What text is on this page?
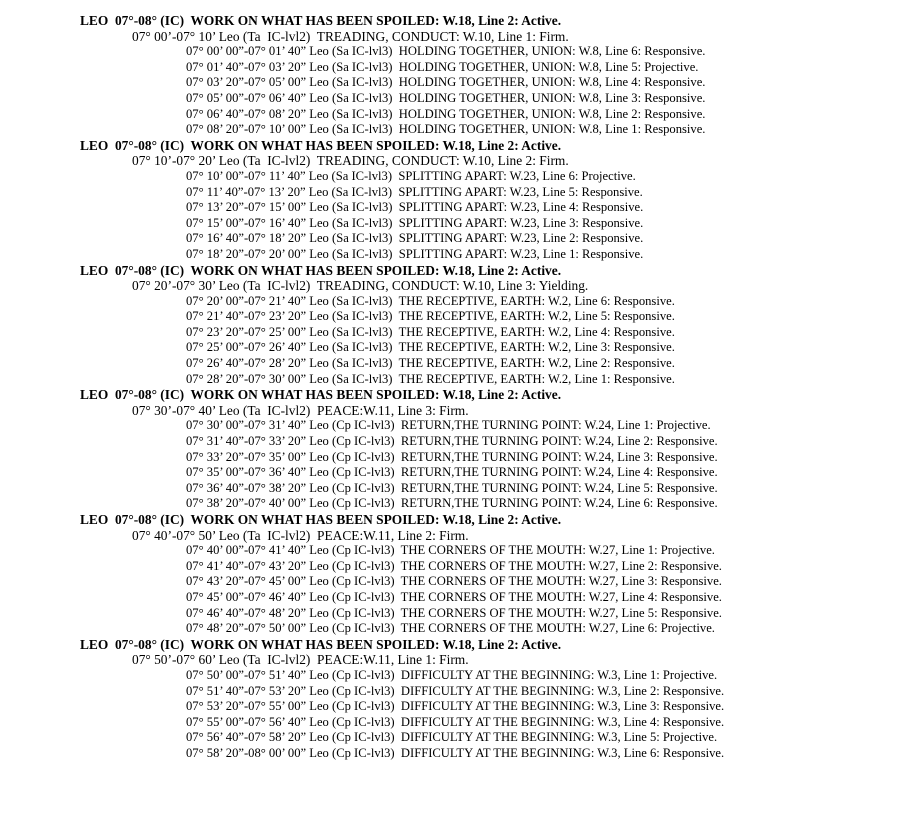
LEO  07°-08° (IC)  WORK ON WHAT HAS BEEN SPOILED: W.18, Line 2: Active.
07° 00’-07° 10’ Leo (Ta  IC-lvl2)  TREADING, CONDUCT: W.10, Line 1: Firm.
07° 00’ 00”-07° 01’ 40” Leo (Sa IC-lvl3)  HOLDING TOGETHER, UNION: W.8, Line 6: Responsive.
07° 01’ 40”-07° 03’ 20” Leo (Sa IC-lvl3)  HOLDING TOGETHER, UNION: W.8, Line 5: Projective.
07° 03’ 20”-07° 05’ 00” Leo (Sa IC-lvl3)  HOLDING TOGETHER, UNION: W.8, Line 4: Responsive.
07° 05’ 00”-07° 06’ 40” Leo (Sa IC-lvl3)  HOLDING TOGETHER, UNION: W.8, Line 3: Responsive.
07° 06’ 40”-07° 08’ 20” Leo (Sa IC-lvl3)  HOLDING TOGETHER, UNION: W.8, Line 2: Responsive.
07° 08’ 20”-07° 10’ 00” Leo (Sa IC-lvl3)  HOLDING TOGETHER, UNION: W.8, Line 1: Responsive.
LEO  07°-08° (IC)  WORK ON WHAT HAS BEEN SPOILED: W.18, Line 2: Active.
07° 10’-07° 20’ Leo (Ta  IC-lvl2)  TREADING, CONDUCT: W.10, Line 2: Firm.
07° 10’ 00”-07° 11’ 40” Leo (Sa IC-lvl3)  SPLITTING APART: W.23, Line 6: Projective.
07° 11’ 40”-07° 13’ 20” Leo (Sa IC-lvl3)  SPLITTING APART: W.23, Line 5: Responsive.
07° 13’ 20”-07° 15’ 00” Leo (Sa IC-lvl3)  SPLITTING APART: W.23, Line 4: Responsive.
07° 15’ 00”-07° 16’ 40” Leo (Sa IC-lvl3)  SPLITTING APART: W.23, Line 3: Responsive.
07° 16’ 40”-07° 18’ 20” Leo (Sa IC-lvl3)  SPLITTING APART: W.23, Line 2: Responsive.
07° 18’ 20”-07° 20’ 00” Leo (Sa IC-lvl3)  SPLITTING APART: W.23, Line 1: Responsive.
LEO  07°-08° (IC)  WORK ON WHAT HAS BEEN SPOILED: W.18, Line 2: Active.
07° 20’-07° 30’ Leo (Ta  IC-lvl2)  TREADING, CONDUCT: W.10, Line 3: Yielding.
07° 20’ 00”-07° 21’ 40” Leo (Sa IC-lvl3)  THE RECEPTIVE, EARTH: W.2, Line 6: Responsive.
07° 21’ 40”-07° 23’ 20” Leo (Sa IC-lvl3)  THE RECEPTIVE, EARTH: W.2, Line 5: Responsive.
07° 23’ 20”-07° 25’ 00” Leo (Sa IC-lvl3)  THE RECEPTIVE, EARTH: W.2, Line 4: Responsive.
07° 25’ 00”-07° 26’ 40” Leo (Sa IC-lvl3)  THE RECEPTIVE, EARTH: W.2, Line 3: Responsive.
07° 26’ 40”-07° 28’ 20” Leo (Sa IC-lvl3)  THE RECEPTIVE, EARTH: W.2, Line 2: Responsive.
07° 28’ 20”-07° 30’ 00” Leo (Sa IC-lvl3)  THE RECEPTIVE, EARTH: W.2, Line 1: Responsive.
LEO  07°-08° (IC)  WORK ON WHAT HAS BEEN SPOILED: W.18, Line 2: Active.
07° 30’-07° 40’ Leo (Ta  IC-lvl2)  PEACE:W.11, Line 3: Firm.
07° 30’ 00”-07° 31’ 40” Leo (Cp IC-lvl3)  RETURN,THE TURNING POINT: W.24, Line 1: Projective.
07° 31’ 40”-07° 33’ 20” Leo (Cp IC-lvl3)  RETURN,THE TURNING POINT: W.24, Line 2: Responsive.
07° 33’ 20”-07° 35’ 00” Leo (Cp IC-lvl3)  RETURN,THE TURNING POINT: W.24, Line 3: Responsive.
07° 35’ 00”-07° 36’ 40” Leo (Cp IC-lvl3)  RETURN,THE TURNING POINT: W.24, Line 4: Responsive.
07° 36’ 40”-07° 38’ 20” Leo (Cp IC-lvl3)  RETURN,THE TURNING POINT: W.24, Line 5: Responsive.
07° 38’ 20”-07° 40’ 00” Leo (Cp IC-lvl3)  RETURN,THE TURNING POINT: W.24, Line 6: Responsive.
LEO  07°-08° (IC)  WORK ON WHAT HAS BEEN SPOILED: W.18, Line 2: Active.
07° 40’-07° 50’ Leo (Ta  IC-lvl2)  PEACE:W.11, Line 2: Firm.
07° 40’ 00”-07° 41’ 40” Leo (Cp IC-lvl3)  THE CORNERS OF THE MOUTH: W.27, Line 1: Projective.
07° 41’ 40”-07° 43’ 20” Leo (Cp IC-lvl3)  THE CORNERS OF THE MOUTH: W.27, Line 2: Responsive.
07° 43’ 20”-07° 45’ 00” Leo (Cp IC-lvl3)  THE CORNERS OF THE MOUTH: W.27, Line 3: Responsive.
07° 45’ 00”-07° 46’ 40” Leo (Cp IC-lvl3)  THE CORNERS OF THE MOUTH: W.27, Line 4: Responsive.
07° 46’ 40”-07° 48’ 20” Leo (Cp IC-lvl3)  THE CORNERS OF THE MOUTH: W.27, Line 5: Responsive.
07° 48’ 20”-07° 50’ 00” Leo (Cp IC-lvl3)  THE CORNERS OF THE MOUTH: W.27, Line 6: Projective.
LEO  07°-08° (IC)  WORK ON WHAT HAS BEEN SPOILED: W.18, Line 2: Active.
07° 50’-07° 60’ Leo (Ta  IC-lvl2)  PEACE:W.11, Line 1: Firm.
07° 50’ 00”-07° 51’ 40” Leo (Cp IC-lvl3)  DIFFICULTY AT THE BEGINNING: W.3, Line 1: Projective.
07° 51’ 40”-07° 53’ 20” Leo (Cp IC-lvl3)  DIFFICULTY AT THE BEGINNING: W.3, Line 2: Responsive.
07° 53’ 20”-07° 55’ 00” Leo (Cp IC-lvl3)  DIFFICULTY AT THE BEGINNING: W.3, Line 3: Responsive.
07° 55’ 00”-07° 56’ 40” Leo (Cp IC-lvl3)  DIFFICULTY AT THE BEGINNING: W.3, Line 4: Responsive.
07° 56’ 40”-07° 58’ 20” Leo (Cp IC-lvl3)  DIFFICULTY AT THE BEGINNING: W.3, Line 5: Projective.
07° 58’ 20”-08° 00’ 00” Leo (Cp IC-lvl3)  DIFFICULTY AT THE BEGINNING: W.3, Line 6: Responsive.
